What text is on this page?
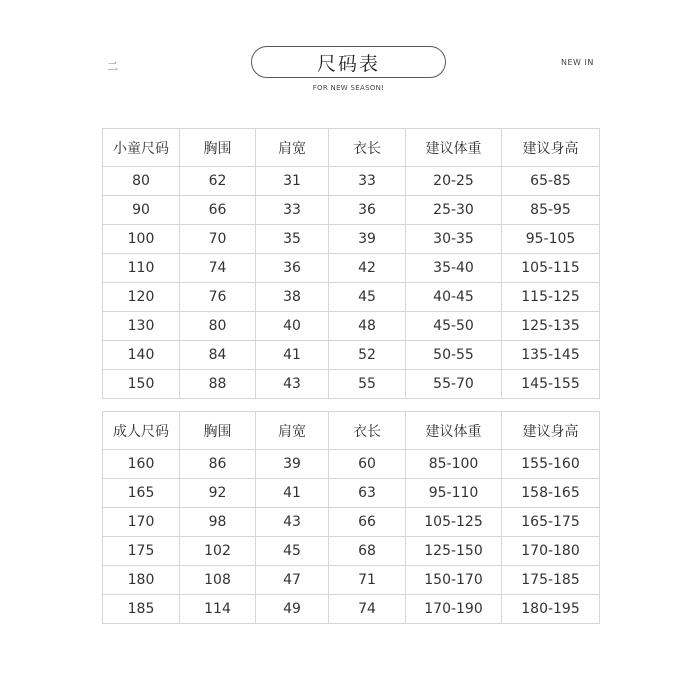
二	尺码表
FOR NEW SEASON!
NEW IN
小童尺码	胸围	肩宽	衣长	建议体重	建议身高
80	62	31	33	20-25	65-85
90	66	33	36	25-30	85-95
100	70	35	39	30-35	95-105
110	74	36	42	35-40	105-115
120	76	38	45	40-45	115-125
130	80	40	48	45-50	125-135
140	84	41	52	50-55	135-145
150	88	43	55	55-70	145-155
成人尺码	胸围	肩宽	衣长	建议体重	建议身高
160	86	39	60	85-100	155-160
165	92	41	63	95-110	158-165
170	98	43	66	105-125	165-175
175	102	45	68	125-150	170-180
180	108	47	71	150-170	175-185
185	114	49	74	170-190	180-195
